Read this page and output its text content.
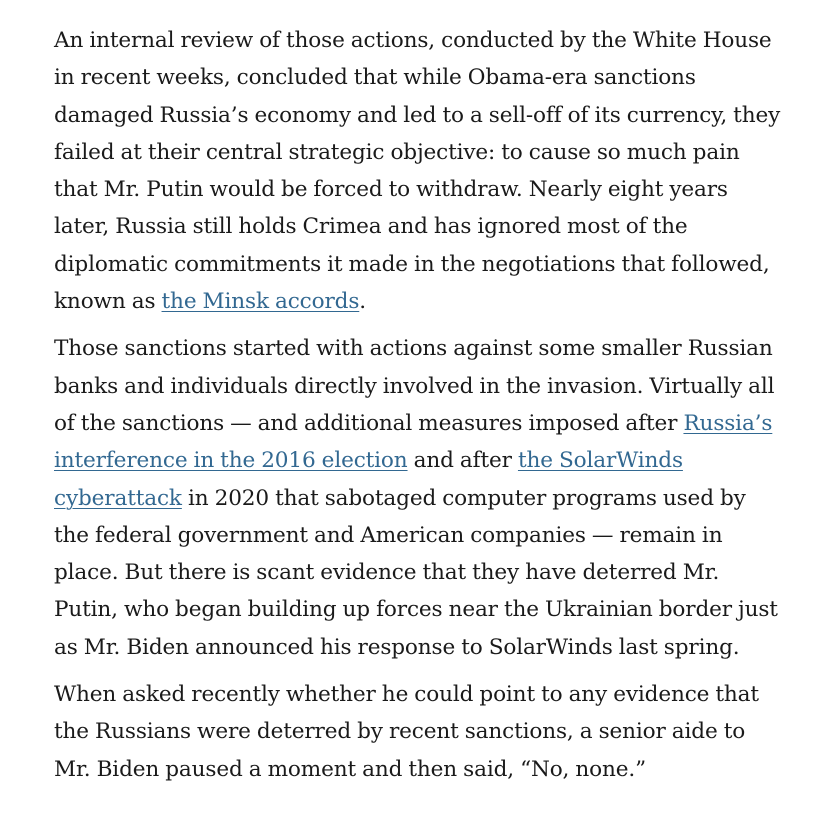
An internal review of those actions, conducted by the White House
in recent weeks, concluded that while Obama-era sanctions
damaged Russia’s economy and led to a sell-off of its currency, they
failed at their central strategic objective: to cause so much pain
that Mr. Putin would be forced to withdraw. Nearly eight years
later, Russia still holds Crimea and has ignored most of the
diplomatic commitments it made in the negotiations that followed,
known as the Minsk accords.

Those sanctions started with actions against some smaller Russian
banks and individuals directly involved in the invasion. Virtually all
of the sanctions — and additional measures imposed after Russia’s
interference in the 2016 election and after the SolarWinds
cyberattack in 2020 that sabotaged computer programs used by
the federal government and American companies — remain in
place. But there is scant evidence that they have deterred Mr.
Putin, who began building up forces near the Ukrainian border just
as Mr. Biden announced his response to SolarWinds last spring.

When asked recently whether he could point to any evidence that
the Russians were deterred by recent sanctions, a senior aide to
Mr. Biden paused a moment and then said, “No, none.”
